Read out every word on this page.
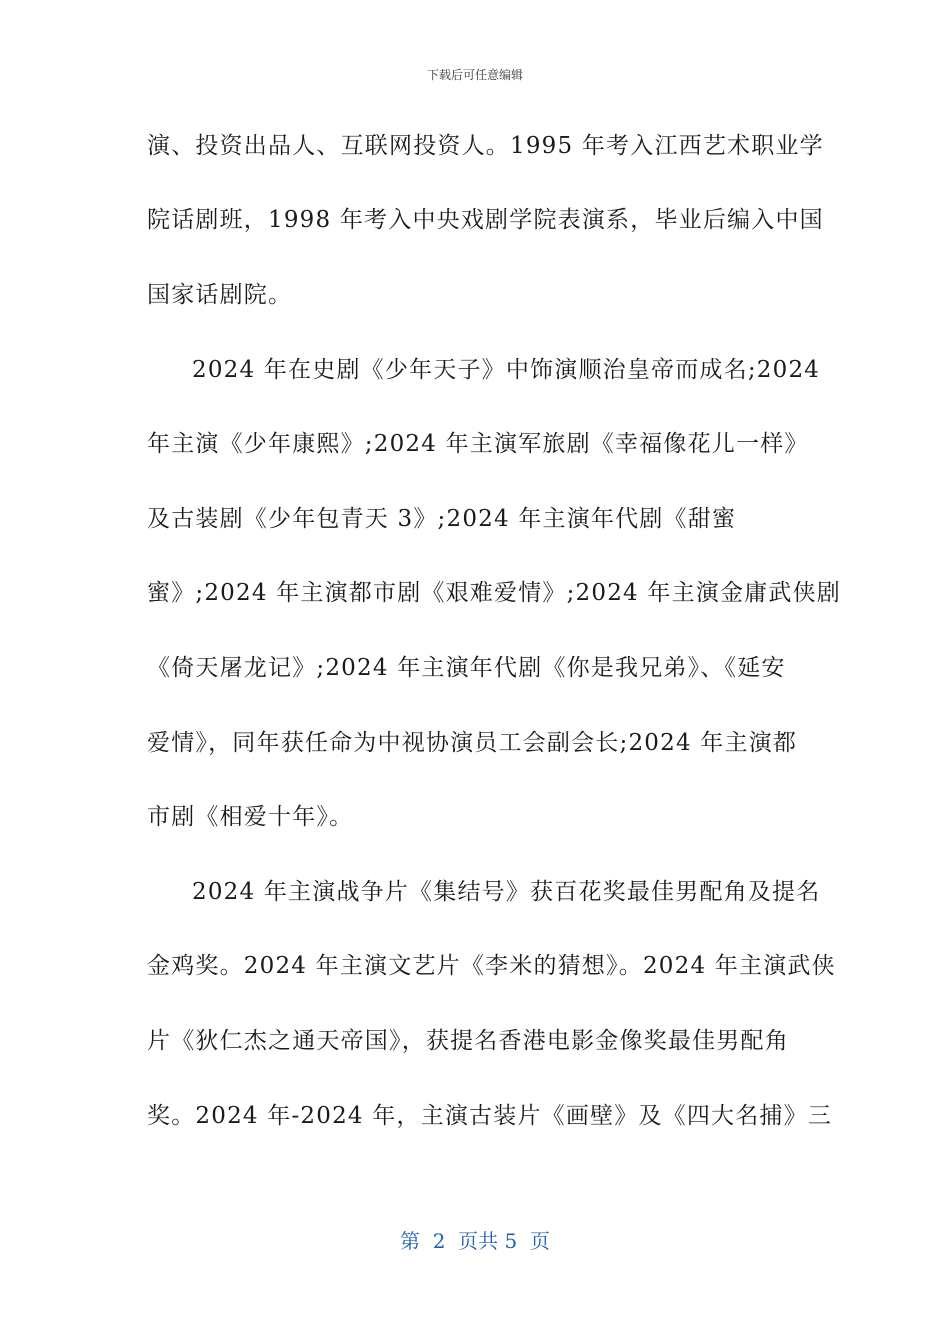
下载后可任意编辑
演、投资出品人、互联网投资人。1995 年考入江西艺术职业学
院话剧班，1998 年考入中央戏剧学院表演系，毕业后编入中国
国家话剧院。
2024 年在史剧《少年天子》中饰演顺治皇帝而成名;2024
年主演《少年康熙》;2024 年主演军旅剧《幸福像花儿一样》
及古装剧《少年包青天 3》;2024 年主演年代剧《甜蜜
蜜》;2024 年主演都市剧《艰难爱情》;2024 年主演金庸武侠剧
《倚天屠龙记》;2024 年主演年代剧《你是我兄弟》、《延安
爱情》，同年获任命为中视协演员工会副会长;2024 年主演都
市剧《相爱十年》。
2024 年主演战争片《集结号》获百花奖最佳男配角及提名
金鸡奖。2024 年主演文艺片《李米的猜想》。2024 年主演武侠
片《狄仁杰之通天帝国》，获提名香港电影金像奖最佳男配角
奖。2024 年-2024 年，主演古装片《画壁》及《四大名捕》三
第  2  页共 5  页
